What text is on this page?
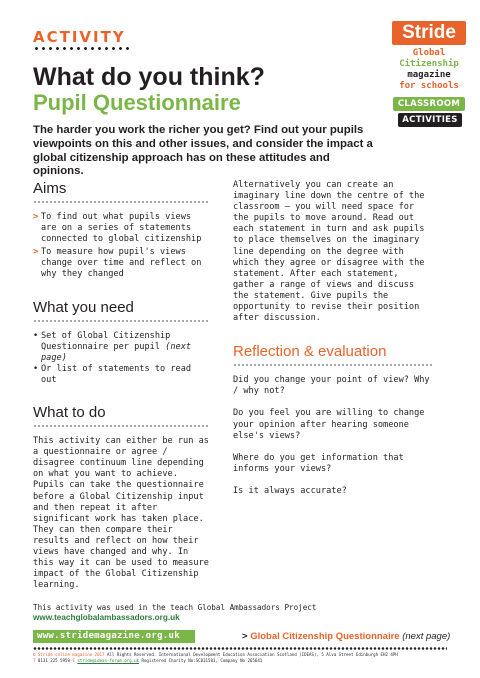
ACTIVITY
What do you think?
Pupil Questionnaire
Stride
Global
Citizenship
magazine
for schools
CLASSROOM
ACTIVITIES
The harder you work the richer you get? Find out your pupils viewpoints on this and other issues, and consider the impact a global citizenship approach has on these attitudes and opinions.
Aims
> To find out what pupils views are on a series of statements connected to global citizenship
> To measure how pupil's views change over time and reflect on why they changed
What you need
• Set of Global Citizenship Questionnaire per pupil (next page)
• Or list of statements to read out
What to do
This activity can either be run as a questionnaire or agree / disagree continuum line depending on what you want to achieve. Pupils can take the questionnaire before a Global Citizenship input and then repeat it after significant work has taken place. They can then compare their results and reflect on how their views have changed and why. In this way it can be used to measure impact of the Global Citizenship learning.
Alternatively you can create an imaginary line down the centre of the classroom – you will need space for the pupils to move around. Read out each statement in turn and ask pupils to place themselves on the imaginary line depending on the degree with which they agree or disagree with the statement. After each statement, gather a range of views and discuss the statement. Give pupils the opportunity to revise their position after discussion.
Reflection & evaluation
Did you change your point of view? Why / why not?
Do you feel you are willing to change your opinion after hearing someone else's views?
Where do you get information that informs your views?
Is it always accurate?
This activity was used in the teach Global Ambassadors Project
www.teachglobalambassadors.org.uk
www.stridemagazine.org.uk	> Global Citizenship Questionnaire (next page)
© Stride online magazine 2017 All Rights Reserved. International Development Education Association Scotland (IDEAS), 5 Alva Street Edinburgh EH2 4PH
T 0131 225 5959 E stride@ideas-forum.org.uk Registered Charity No:SC031583, Company No 265641
